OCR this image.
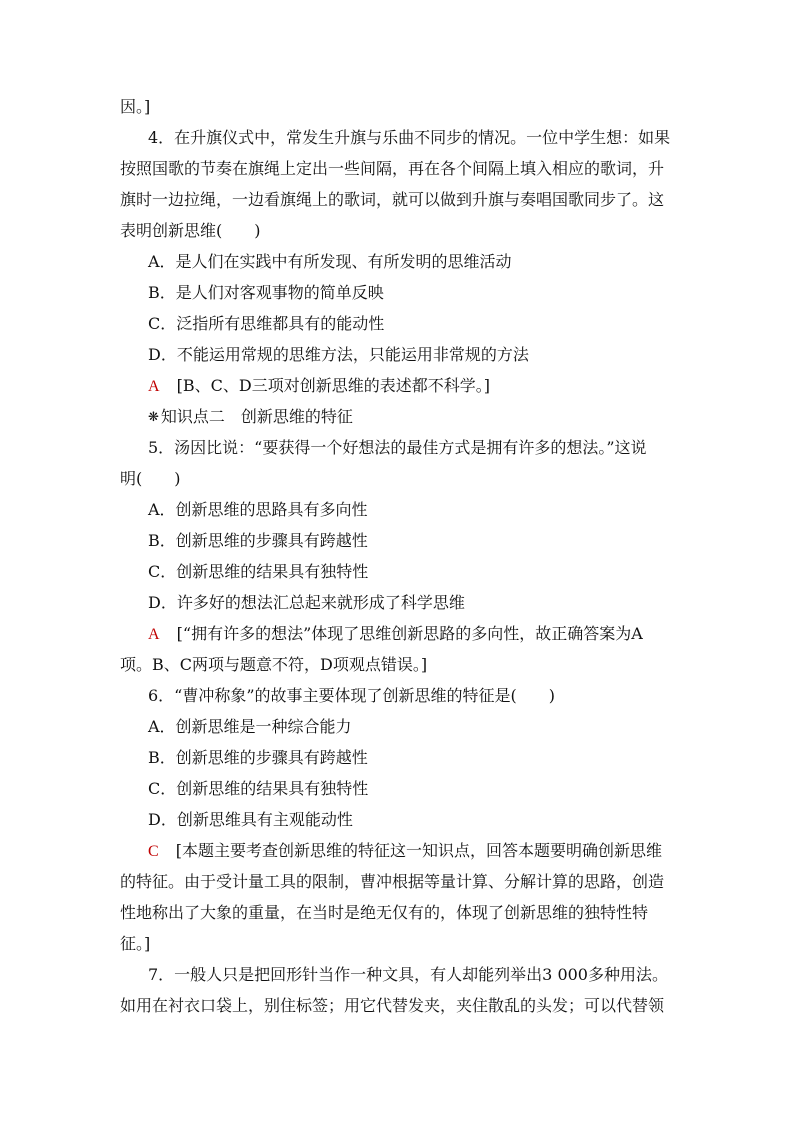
因。]
4．在升旗仪式中，常发生升旗与乐曲不同步的情况。一位中学生想：如果
按照国歌的节奏在旗绳上定出一些间隔，再在各个间隔上填入相应的歌词，升
旗时一边拉绳，一边看旗绳上的歌词，就可以做到升旗与奏唱国歌同步了。这
表明创新思维(　　)
A．是人们在实践中有所发现、有所发明的思维活动
B．是人们对客观事物的简单反映
C．泛指所有思维都具有的能动性
D．不能运用常规的思维方法，只能运用非常规的方法
A [B、C、D三项对创新思维的表述都不科学。]
❋ 知识点二　创新思维的特征
5．汤因比说：“要获得一个好想法的最佳方式是拥有许多的想法。”这说
明(　　)
A．创新思维的思路具有多向性
B．创新思维的步骤具有跨越性
C．创新思维的结果具有独特性
D．许多好的想法汇总起来就形成了科学思维
A [“拥有许多的想法”体现了思维创新思路的多向性，故正确答案为A
项。B、C两项与题意不符，D项观点错误。]
6．“曹冲称象”的故事主要体现了创新思维的特征是(　　)
A．创新思维是一种综合能力
B．创新思维的步骤具有跨越性
C．创新思维的结果具有独特性
D．创新思维具有主观能动性
C [本题主要考查创新思维的特征这一知识点，回答本题要明确创新思维
的特征。由于受计量工具的限制，曹冲根据等量计算、分解计算的思路，创造
性地称出了大象的重量，在当时是绝无仅有的，体现了创新思维的独特性特
征。]
7．一般人只是把回形针当作一种文具，有人却能列举出3 000多种用法。
如用在衬衣口袋上，别住标签；用它代替发夹，夹住散乱的头发；可以代替领
